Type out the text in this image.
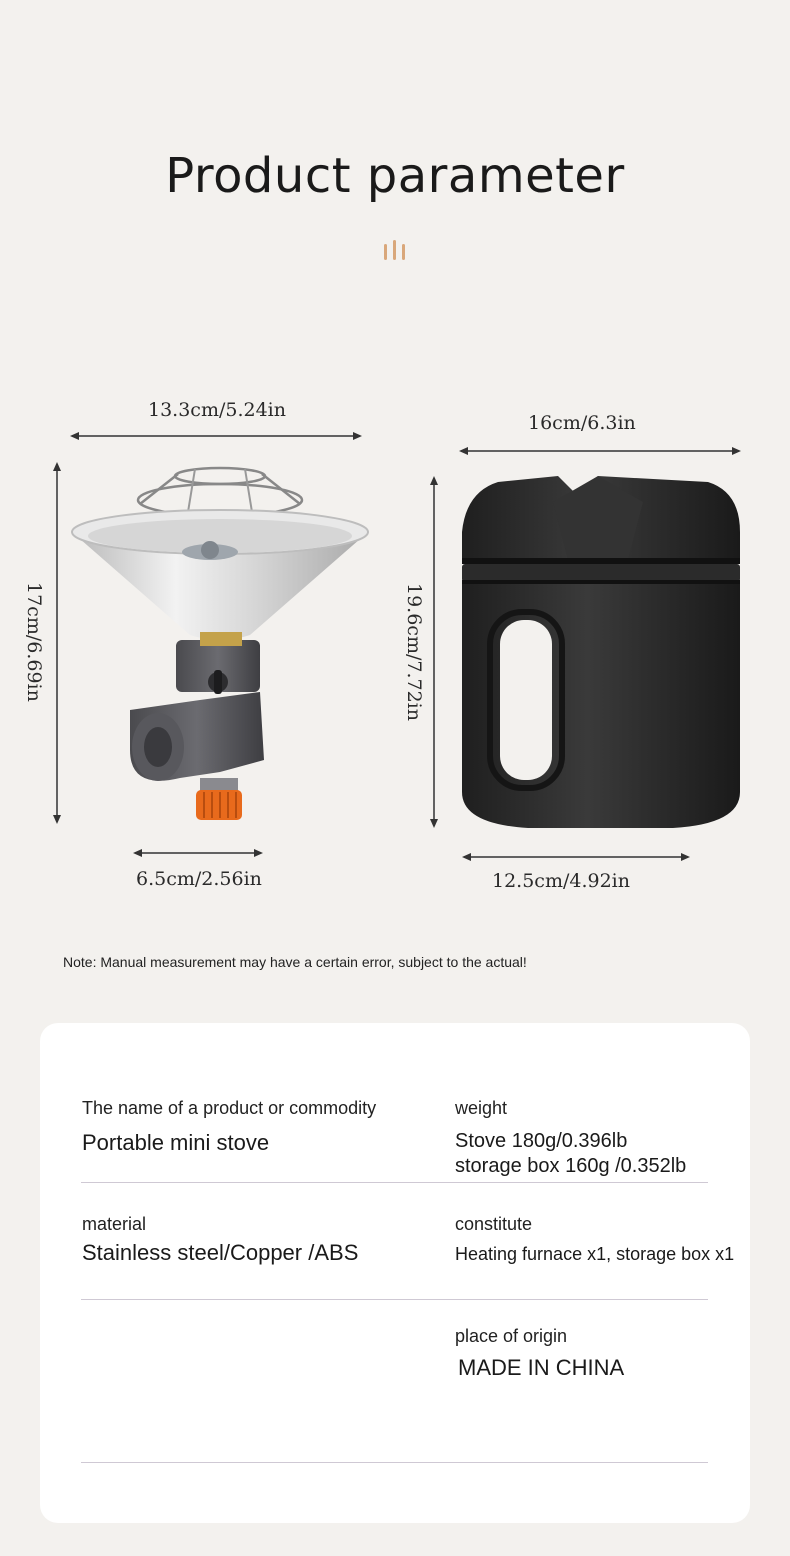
Product parameter
13.3cm/5.24in
17cm/6.69in
6.5cm/2.56in
16cm/6.3in
19.6cm/7.72in
12.5cm/4.92in
Note: Manual measurement may have a certain error, subject to the actual!
The name of a product or commodity
Portable mini stove
weight
Stove 180g/0.396lb
storage box 160g /0.352lb
material
Stainless steel/Copper /ABS
constitute
Heating furnace x1, storage box x1
place of origin
MADE IN CHINA
